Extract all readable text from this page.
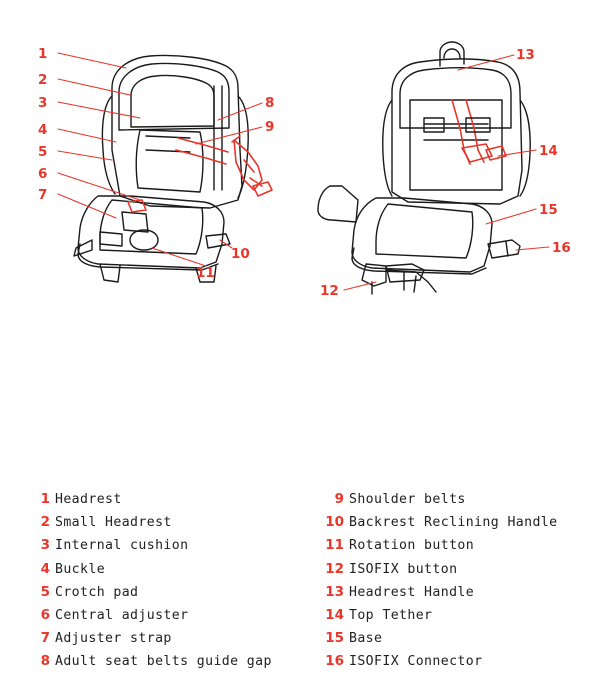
1
2
3
4
5
6
7
8
9
10
11
12
13
14
15
16
1 Headrest
2 Small Headrest
3 Internal cushion
4 Buckle
5 Crotch pad
6 Central adjuster
7 Adjuster strap
8 Adult seat belts guide gap
9 Shoulder belts
10 Backrest Reclining Handle
11 Rotation button
12 ISOFIX button
13 Headrest Handle
14 Top Tether
15 Base
16 ISOFIX Connector
